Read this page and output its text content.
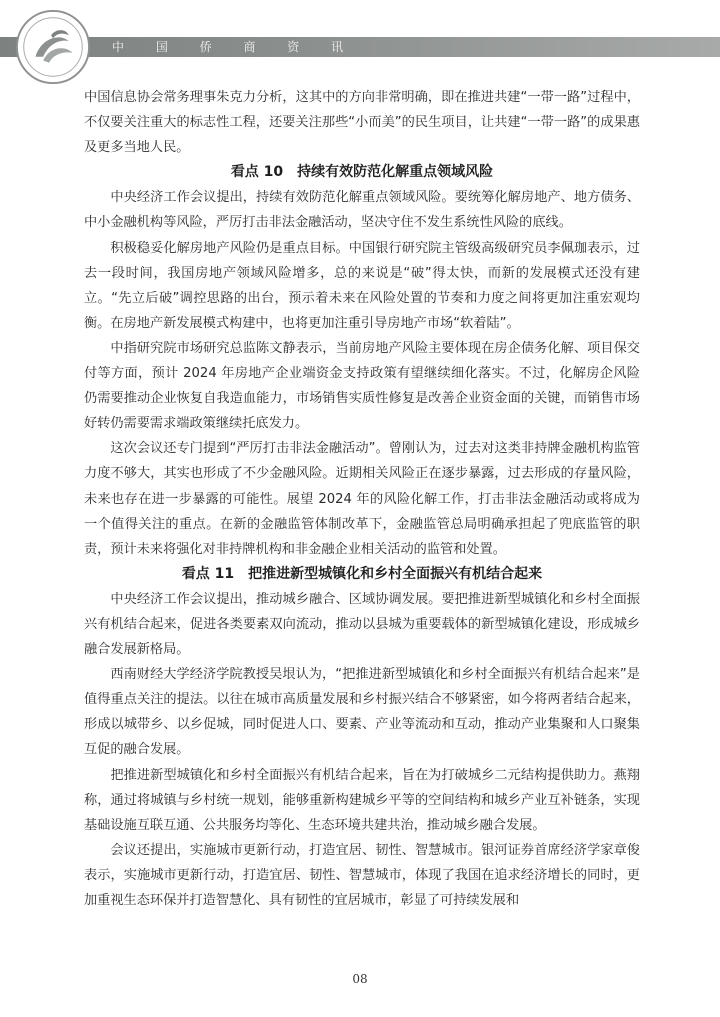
中 国 侨 商 资 讯

中国信息协会常务理事朱克力分析，这其中的方向非常明确，即在推进共建“一带一路”过程中，不仅要关注重大的标志性工程，还要关注那些“小而美”的民生项目，让共建“一带一路”的成果惠及更多当地人民。

看点 10　持续有效防范化解重点领域风险

中央经济工作会议提出，持续有效防范化解重点领域风险。要统筹化解房地产、地方债务、中小金融机构等风险，严厉打击非法金融活动，坚决守住不发生系统性风险的底线。

积极稳妥化解房地产风险仍是重点目标。中国银行研究院主管级高级研究员李佩珈表示，过去一段时间，我国房地产领域风险增多，总的来说是“破”得太快，而新的发展模式还没有建立。“先立后破”调控思路的出台，预示着未来在风险处置的节奏和力度之间将更加注重宏观均衡。在房地产新发展模式构建中，也将更加注重引导房地产市场“软着陆”。

中指研究院市场研究总监陈文静表示，当前房地产风险主要体现在房企债务化解、项目保交付等方面，预计 2024 年房地产企业端资金支持政策有望继续细化落实。不过，化解房企风险仍需要推动企业恢复自我造血能力，市场销售实质性修复是改善企业资金面的关键，而销售市场好转仍需要需求端政策继续托底发力。

这次会议还专门提到“严厉打击非法金融活动”。曾刚认为，过去对这类非持牌金融机构监管力度不够大，其实也形成了不少金融风险。近期相关风险正在逐步暴露，过去形成的存量风险，未来也存在进一步暴露的可能性。展望 2024 年的风险化解工作，打击非法金融活动或将成为一个值得关注的重点。在新的金融监管体制改革下，金融监管总局明确承担起了兜底监管的职责，预计未来将强化对非持牌机构和非金融企业相关活动的监管和处置。

看点 11　把推进新型城镇化和乡村全面振兴有机结合起来

中央经济工作会议提出，推动城乡融合、区域协调发展。要把推进新型城镇化和乡村全面振兴有机结合起来，促进各类要素双向流动，推动以县城为重要载体的新型城镇化建设，形成城乡融合发展新格局。

西南财经大学经济学院教授吴垠认为，“把推进新型城镇化和乡村全面振兴有机结合起来”是值得重点关注的提法。以往在城市高质量发展和乡村振兴结合不够紧密，如今将两者结合起来，形成以城带乡、以乡促城，同时促进人口、要素、产业等流动和互动，推动产业集聚和人口聚集互促的融合发展。

把推进新型城镇化和乡村全面振兴有机结合起来，旨在为打破城乡二元结构提供助力。燕翔称，通过将城镇与乡村统一规划，能够重新构建城乡平等的空间结构和城乡产业互补链条，实现基础设施互联互通、公共服务均等化、生态环境共建共治，推动城乡融合发展。

会议还提出，实施城市更新行动，打造宜居、韧性、智慧城市。银河证券首席经济学家章俊表示，实施城市更新行动，打造宜居、韧性、智慧城市，体现了我国在追求经济增长的同时，更加重视生态环保并打造智慧化、具有韧性的宜居城市，彰显了可持续发展和

08
